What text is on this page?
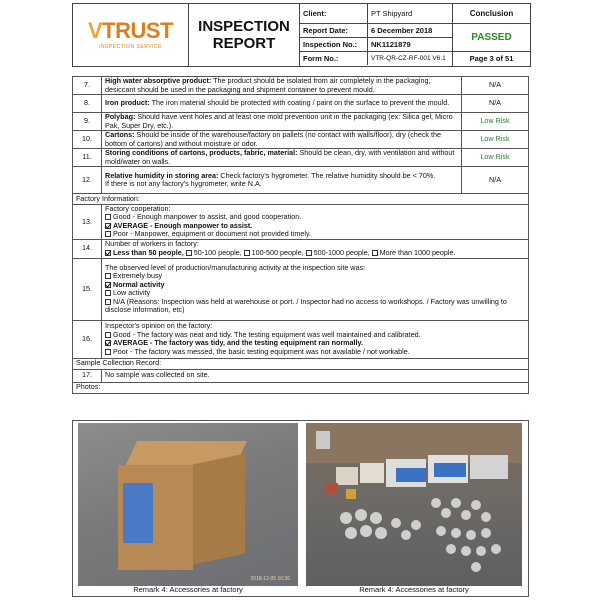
VTRUST
INSPECTION SERVICE
INSPECTION
REPORT
Client:	PT Shipyard
Report Date:	6 December 2018
Inspection No.:	NK1121879
Form No.:	VTR-QR-CZ-RF-001 V6.1
Conclusion
PASSED
Page 3 of 51
7.	High water absorptive product: The product should be isolated from air completely in the packaging, desiccant should be used in the packaging and shipment container to prevent mould.	N/A
8.	Iron product: The iron material should be protected with coating / paint on the surface to prevent the mould.	N/A
9.	Polybag: Should have vent holes and at least one mold prevention unit in the packaging (ex: Silica gel, Micro Pak, Super Dry, etc.).	Low Risk
10.	Cartons: Should be inside of the warehouse/factory on pallets (no contact with walls/floor), dry (check the bottom of cartons) and without moisture or odor.	Low Risk
11.	Storing conditions of cartons, products, fabric, material: Should be clean, dry, with ventilation and without mold/water on walls.	Low Risk
12.	Relative humidity in storing area: Check factory's hygrometer. The relative humidity should be < 70%.
If there is not any factory's hygrometer, write N.A.	N/A
Factory Information:		
13.	Factory cooperation:
Good - Enough manpower to assist, and good cooperation.
AVERAGE - Enough manpower to assist.
Poor - Manpower, equipment or document not provided timely.	

14.	Number of workers in factory:
Less than 50 people, 50-100 people, 100-500 people, 500-1000 people, More than 1000 people.	

15.	The observed level of production/manufacturing activity at the inspection site was:
Extremely busy
Normal activity
Low activity
N/A (Reasons: Inspection was held at warehouse or port. / Inspector had no access to workshops. / Factory was unwilling to disclose information, etc)	

16.	Inspector's opinion on the factory:
Good - The factory was neat and tidy. The testing equipment was well maintained and calibrated.
AVERAGE - The factory was tidy, and the testing equipment ran normally.
Poor - The factory was messed, the basic testing equipment was not available / not workable.	

Sample Collection Record:		
17.	No sample was collected on site.	
Photos:		
2018-12-05 10:36
Remark 4: Accessories at factory	Remark 4: Accessories at factory
